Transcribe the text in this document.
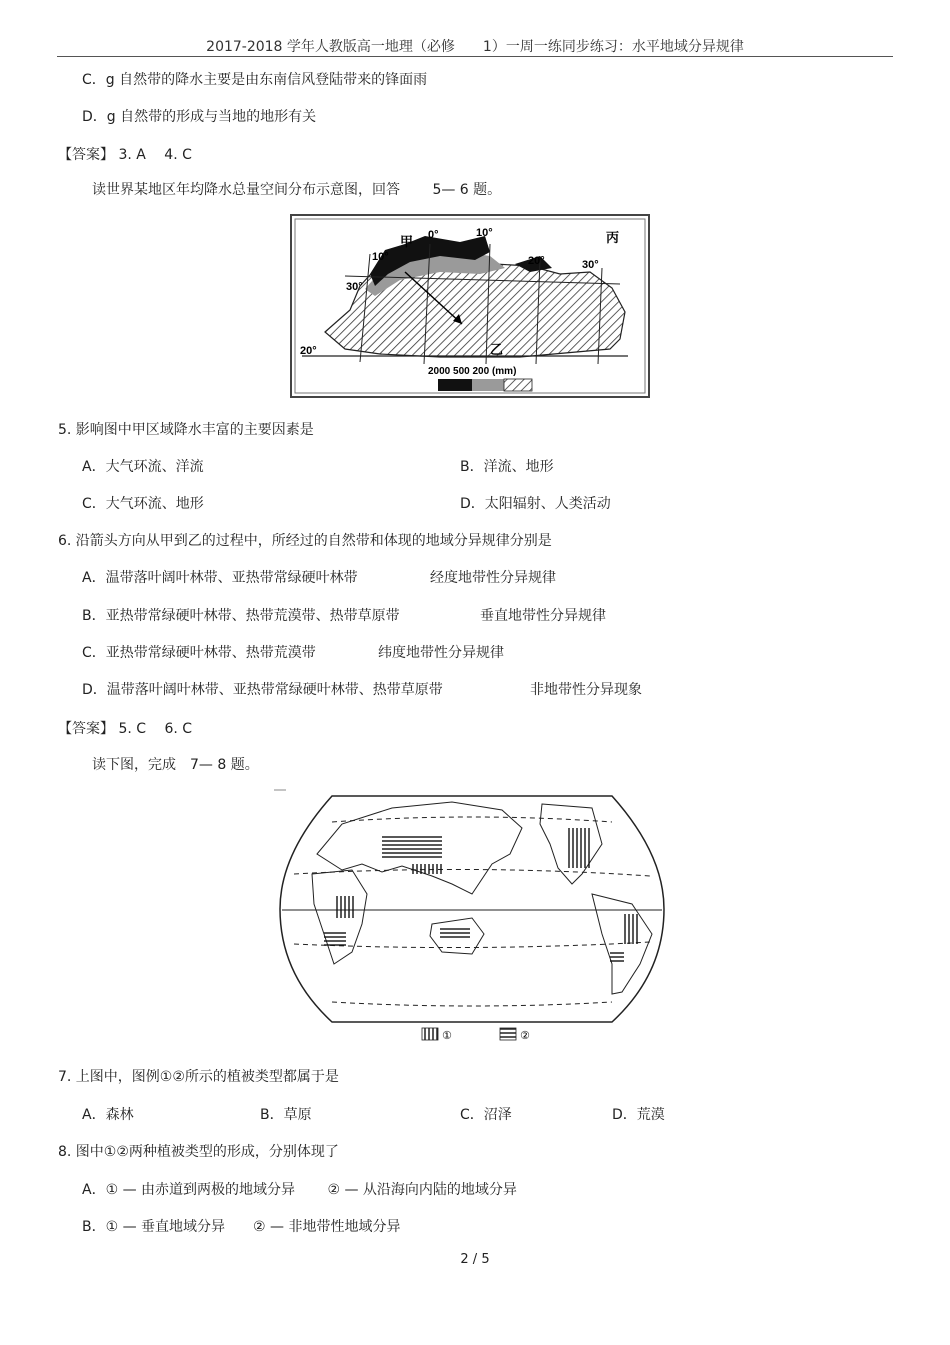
2017-2018 学年人教版高一地理（必修　　1）一周一练同步练习：水平地域分异规律
C．g 自然带的降水主要是由东南信风登陆带来的锋面雨
D．g 自然带的形成与当地的地形有关
【答案】 3. A　 4. C
读世界某地区年均降水总量空间分布示意图，回答　　 5— 6 题。
甲
乙
丙
0°	10°
10°	20°
30°
30°
20°
2000 500 200 (mm)
5. 影响图中甲区域降水丰富的主要因素是
A．大气环流、洋流	B．洋流、地形
C．大气环流、地形	D．太阳辐射、人类活动
6. 沿箭头方向从甲到乙的过程中，所经过的自然带和体现的地域分异规律分别是
A．温带落叶阔叶林带、亚热带常绿硬叶林带	经度地带性分异规律
B．亚热带常绿硬叶林带、热带荒漠带、热带草原带	垂直地带性分异规律
C．亚热带常绿硬叶林带、热带荒漠带	纬度地带性分异规律
D．温带落叶阔叶林带、亚热带常绿硬叶林带、热带草原带	非地带性分异现象
【答案】 5. C　 6. C
读下图，完成　7— 8 题。
①	②
7. 上图中，图例①②所示的植被类型都属于是
A．森林	B．草原	C．沼泽	D．荒漠
8. 图中①②两种植被类型的形成，分别体现了
A．① — 由赤道到两极的地域分异　　 ② — 从沿海向内陆的地域分异
B．① — 垂直地域分异　　② — 非地带性地域分异
2 / 5
